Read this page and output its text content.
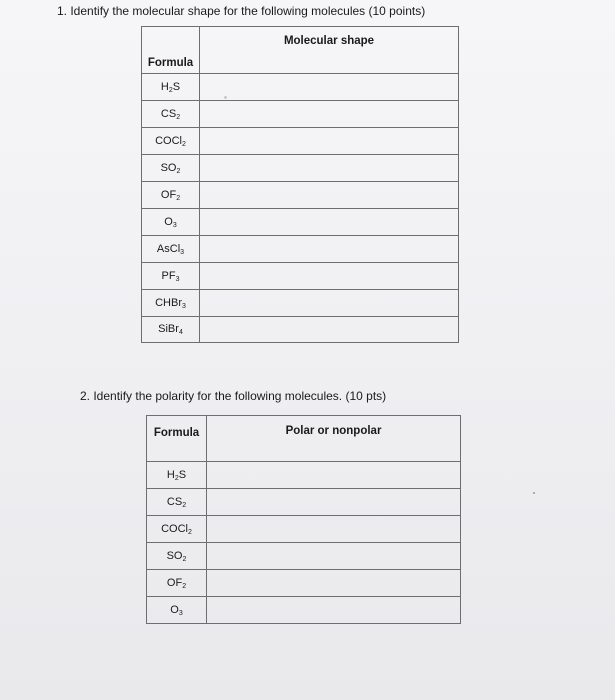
1. Identify the molecular shape for the following molecules (10 points)
Formula	Molecular shape
$H_2S$	
$CS_2$	
COCl$_2$	
$SO_2$	
$OF_2$	
$O_3$	
AsCl$_3$	
$PF_3$	
CHBr$_3$	
SiBr$_4$	
2. Identify the polarity for the following molecules. (10 pts)
Formula	Polar or nonpolar
$H_2S$	
$CS_2$	
COCl$_2$	
$SO_2$	
$OF_2$	
$O_3$	
